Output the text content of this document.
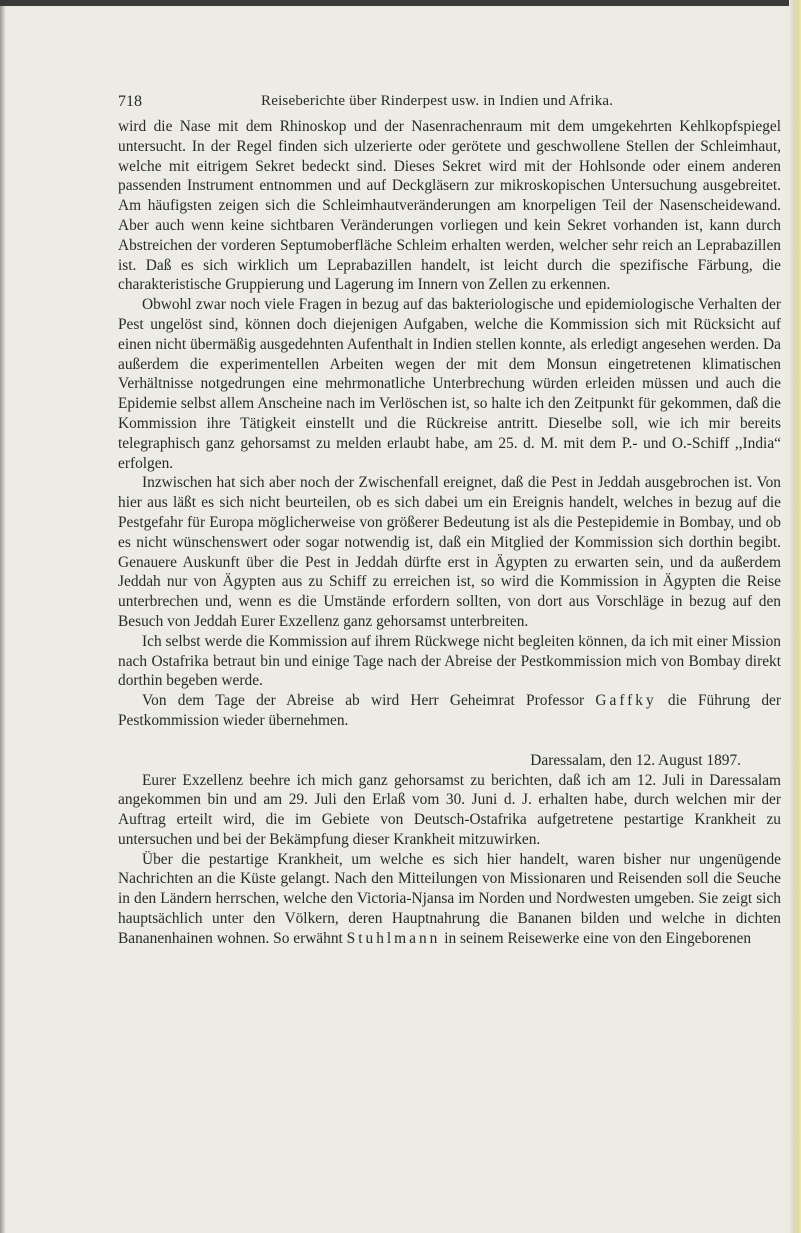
718	Reiseberichte über Rinderpest usw. in Indien und Afrika.

wird die Nase mit dem Rhinoskop und der Nasenrachenraum mit dem umgekehrten Kehlkopfspiegel untersucht. In der Regel finden sich ulzerierte oder gerötete und geschwollene Stellen der Schleimhaut, welche mit eitrigem Sekret bedeckt sind. Dieses Sekret wird mit der Hohlsonde oder einem anderen passenden Instrument entnommen und auf Deckgläsern zur mikroskopischen Untersuchung ausgebreitet. Am häufigsten zeigen sich die Schleimhautveränderungen am knorpeligen Teil der Nasenscheidewand. Aber auch wenn keine sichtbaren Veränderungen vorliegen und kein Sekret vorhanden ist, kann durch Abstreichen der vorderen Septumoberfläche Schleim erhalten werden, welcher sehr reich an Leprabazillen ist. Daß es sich wirklich um Leprabazillen handelt, ist leicht durch die spezifische Färbung, die charakteristische Gruppierung und Lagerung im Innern von Zellen zu erkennen.

Obwohl zwar noch viele Fragen in bezug auf das bakteriologische und epidemiologische Verhalten der Pest ungelöst sind, können doch diejenigen Aufgaben, welche die Kommission sich mit Rücksicht auf einen nicht übermäßig ausgedehnten Aufenthalt in Indien stellen konnte, als erledigt angesehen werden. Da außerdem die experimentellen Arbeiten wegen der mit dem Monsun eingetretenen klimatischen Verhältnisse notgedrungen eine mehrmonatliche Unterbrechung würden erleiden müssen und auch die Epidemie selbst allem Anscheine nach im Verlöschen ist, so halte ich den Zeitpunkt für gekommen, daß die Kommission ihre Tätigkeit einstellt und die Rückreise antritt. Dieselbe soll, wie ich mir bereits telegraphisch ganz gehorsamst zu melden erlaubt habe, am 25. d. M. mit dem P.- und O.-Schiff ,,India“ erfolgen.

Inzwischen hat sich aber noch der Zwischenfall ereignet, daß die Pest in Jeddah ausgebrochen ist. Von hier aus läßt es sich nicht beurteilen, ob es sich dabei um ein Ereignis handelt, welches in bezug auf die Pestgefahr für Europa möglicherweise von größerer Bedeutung ist als die Pestepidemie in Bombay, und ob es nicht wünschenswert oder sogar notwendig ist, daß ein Mitglied der Kommission sich dorthin begibt. Genauere Auskunft über die Pest in Jeddah dürfte erst in Ägypten zu erwarten sein, und da außerdem Jeddah nur von Ägypten aus zu Schiff zu erreichen ist, so wird die Kommission in Ägypten die Reise unterbrechen und, wenn es die Umstände erfordern sollten, von dort aus Vorschläge in bezug auf den Besuch von Jeddah Eurer Exzellenz ganz gehorsamst unterbreiten.

Ich selbst werde die Kommission auf ihrem Rückwege nicht begleiten können, da ich mit einer Mission nach Ostafrika betraut bin und einige Tage nach der Abreise der Pestkommission mich von Bombay direkt dorthin begeben werde.

Von dem Tage der Abreise ab wird Herr Geheimrat Professor Gaffky die Führung der Pestkommission wieder übernehmen.

Daressalam, den 12. August 1897.

Eurer Exzellenz beehre ich mich ganz gehorsamst zu berichten, daß ich am 12. Juli in Daressalam angekommen bin und am 29. Juli den Erlaß vom 30. Juni d. J. erhalten habe, durch welchen mir der Auftrag erteilt wird, die im Gebiete von Deutsch-Ostafrika aufgetretene pestartige Krankheit zu untersuchen und bei der Bekämpfung dieser Krankheit mitzuwirken.

Über die pestartige Krankheit, um welche es sich hier handelt, waren bisher nur ungenügende Nachrichten an die Küste gelangt. Nach den Mitteilungen von Missionaren und Reisenden soll die Seuche in den Ländern herrschen, welche den Victoria-Njansa im Norden und Nordwesten umgeben. Sie zeigt sich hauptsächlich unter den Völkern, deren Hauptnahrung die Bananen bilden und welche in dichten Bananenhainen wohnen. So erwähnt Stuhlmann in seinem Reisewerke eine von den Eingeborenen
